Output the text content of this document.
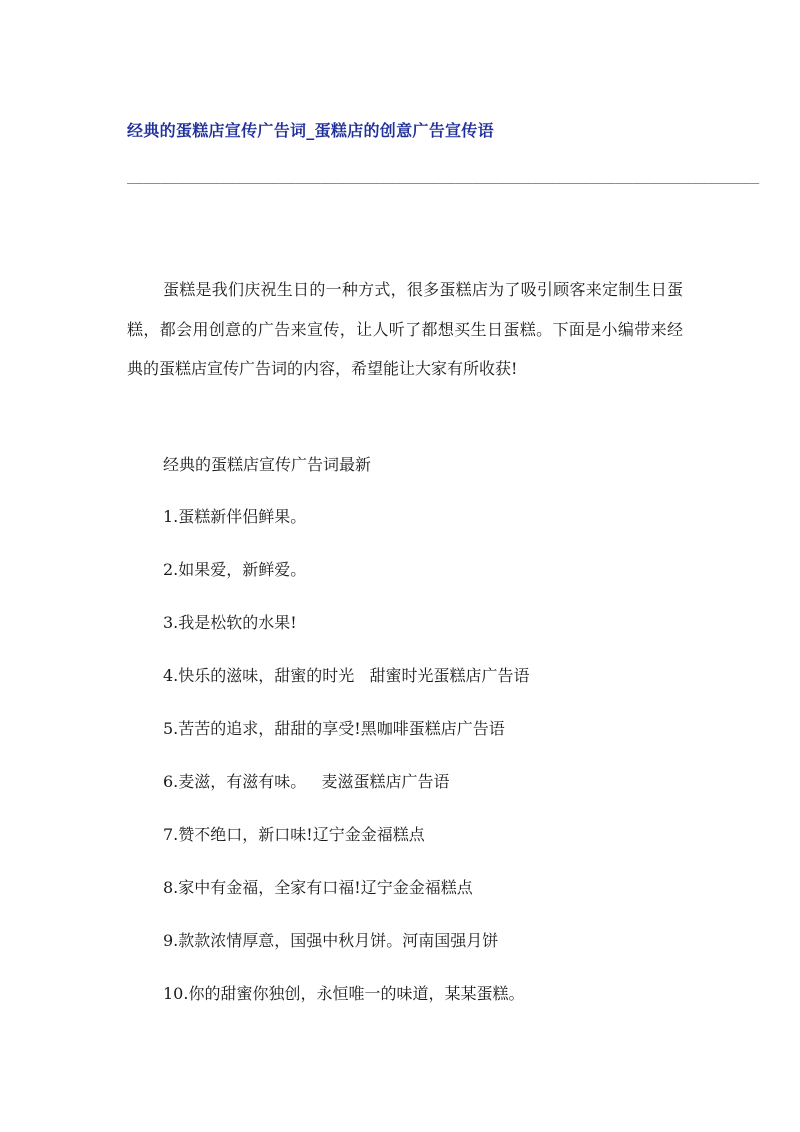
经典的蛋糕店宣传广告词_蛋糕店的创意广告宣传语
___________________________________________________________________________

蛋糕是我们庆祝生日的一种方式，很多蛋糕店为了吸引顾客来定制生日蛋糕，都会用创意的广告来宣传，让人听了都想买生日蛋糕。下面是小编带来经典的蛋糕店宣传广告词的内容，希望能让大家有所收获!

经典的蛋糕店宣传广告词最新
1.蛋糕新伴侣鲜果。
2.如果爱，新鲜爱。
3.我是松软的水果!
4.快乐的滋味，甜蜜的时光   甜蜜时光蛋糕店广告语
5.苦苦的追求，甜甜的享受!黑咖啡蛋糕店广告语
6.麦滋，有滋有味。   麦滋蛋糕店广告语
7.赞不绝口，新口味!辽宁金金福糕点
8.家中有金福，全家有口福!辽宁金金福糕点
9.款款浓情厚意，国强中秋月饼。河南国强月饼
10.你的甜蜜你独创，永恒唯一的味道，某某蛋糕。
